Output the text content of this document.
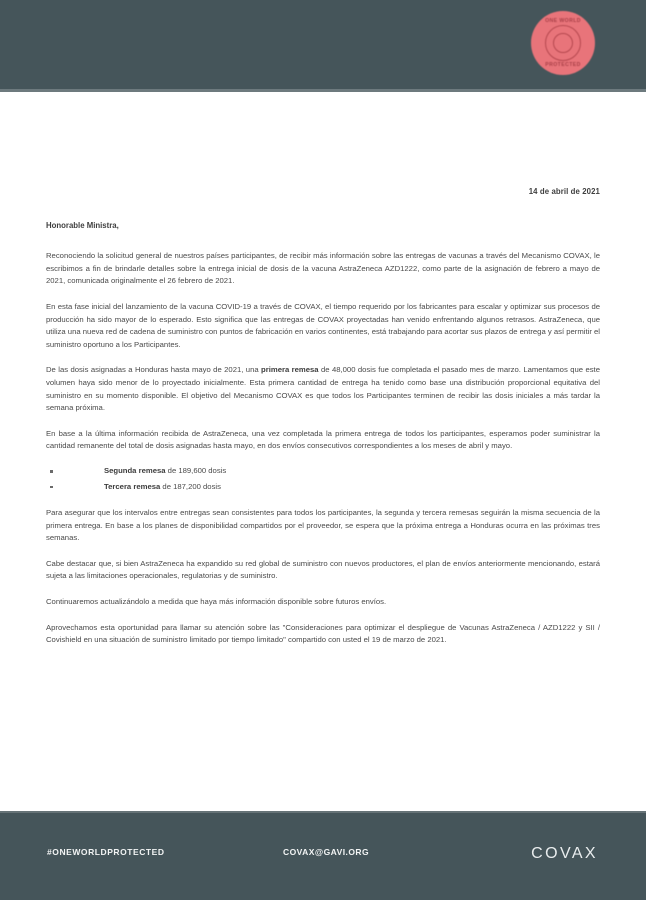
ONE WORLD
PROTECTED
14 de abril de 2021
Honorable Ministra,

Reconociendo la solicitud general de nuestros países participantes, de recibir más información sobre las entregas de vacunas a través del Mecanismo COVAX, le escribimos a fin de brindarle detalles sobre la entrega inicial de dosis de la vacuna AstraZeneca AZD1222, como parte de la asignación de febrero a mayo de 2021, comunicada originalmente el 26 febrero de 2021.

En esta fase inicial del lanzamiento de la vacuna COVID-19 a través de COVAX, el tiempo requerido por los fabricantes para escalar y optimizar sus procesos de producción ha sido mayor de lo esperado. Esto significa que las entregas de COVAX proyectadas han venido enfrentando algunos retrasos. AstraZeneca, que utiliza una nueva red de cadena de suministro con puntos de fabricación en varios continentes, está trabajando para acortar sus plazos de entrega y así permitir el suministro oportuno a los Participantes.

De las dosis asignadas a Honduras hasta mayo de 2021, una primera remesa de 48,000 dosis fue completada el pasado mes de marzo. Lamentamos que este volumen haya sido menor de lo proyectado inicialmente. Esta primera cantidad de entrega ha tenido como base una distribución proporcional equitativa del suministro en su momento disponible. El objetivo del Mecanismo COVAX es que todos los Participantes terminen de recibir las dosis iniciales a más tardar la semana próxima.

En base a la última información recibida de AstraZeneca, una vez completada la primera entrega de todos los participantes, esperamos poder suministrar la cantidad remanente del total de dosis asignadas hasta mayo, en dos envíos consecutivos correspondientes a los meses de abril y mayo.

Segunda remesa de 189,600 dosis
Tercera remesa de 187,200 dosis

Para asegurar que los intervalos entre entregas sean consistentes para todos los participantes, la segunda y tercera remesas seguirán la misma secuencia de la primera entrega. En base a los planes de disponibilidad compartidos por el proveedor, se espera que la próxima entrega a Honduras ocurra en las próximas tres semanas.

Cabe destacar que, si bien AstraZeneca ha expandido su red global de suministro con nuevos productores, el plan de envíos anteriormente mencionando, estará sujeta a las limitaciones operacionales, regulatorias y de suministro.

Continuaremos actualizándolo a medida que haya más información disponible sobre futuros envíos.

Aprovechamos esta oportunidad para llamar su atención sobre las "Consideraciones para optimizar el despliegue de Vacunas AstraZeneca / AZD1222 y SII / Covishield en una situación de suministro limitado por tiempo limitado" compartido con usted el 19 de marzo de 2021.

#ONEWORLDPROTECTED	COVAX@GAVI.ORG	COVAX
